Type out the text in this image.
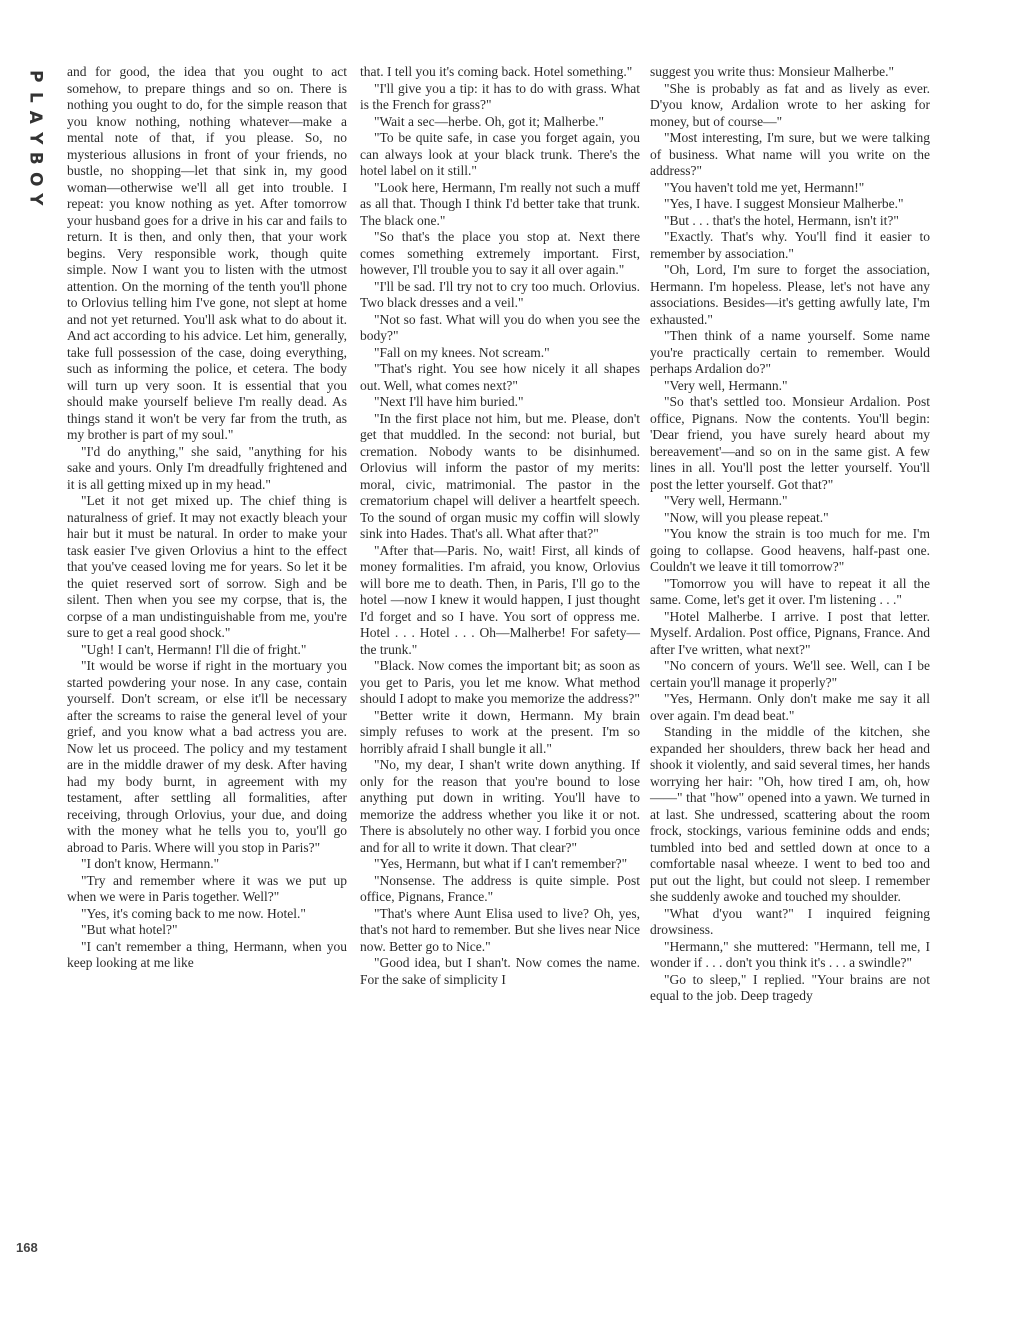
P
L
A
Y
B
O
Y
168

and for good, the idea that you ought to act somehow, to prepare things and so on. There is nothing you ought to do, for the simple reason that you know nothing, nothing whatever—make a mental note of that, if you please. So, no mysterious allusions in front of your friends, no bustle, no shopping—let that sink in, my good woman—otherwise we'll all get into trouble. I repeat: you know nothing as yet. After tomorrow your husband goes for a drive in his car and fails to return. It is then, and only then, that your work begins. Very responsible work, though quite simple. Now I want you to listen with the utmost attention. On the morning of the tenth you'll phone to Orlovius telling him I've gone, not slept at home and not yet returned. You'll ask what to do about it. And act according to his advice. Let him, generally, take full possession of the case, doing everything, such as informing the police, et cetera. The body will turn up very soon. It is essential that you should make yourself believe I'm really dead. As things stand it won't be very far from the truth, as my brother is part of my soul."

"I'd do anything," she said, "anything for his sake and yours. Only I'm dreadfully frightened and it is all getting mixed up in my head."

"Let it not get mixed up. The chief thing is naturalness of grief. It may not exactly bleach your hair but it must be natural. In order to make your task easier I've given Orlovius a hint to the effect that you've ceased loving me for years. So let it be the quiet reserved sort of sorrow. Sigh and be silent. Then when you see my corpse, that is, the corpse of a man undistinguishable from me, you're sure to get a real good shock."

"Ugh! I can't, Hermann! I'll die of fright."

"It would be worse if right in the mortuary you started powdering your nose. In any case, contain yourself. Don't scream, or else it'll be necessary after the screams to raise the general level of your grief, and you know what a bad actress you are. Now let us proceed. The policy and my testament are in the middle drawer of my desk. After having had my body burnt, in agreement with my testament, after settling all formalities, after receiving, through Orlovius, your due, and doing with the money what he tells you to, you'll go abroad to Paris. Where will you stop in Paris?"

"I don't know, Hermann."

"Try and remember where it was we put up when we were in Paris together. Well?"

"Yes, it's coming back to me now. Hotel."

"But what hotel?"

"I can't remember a thing, Hermann, when you keep looking at me like

that. I tell you it's coming back. Hotel something."

"I'll give you a tip: it has to do with grass. What is the French for grass?"

"Wait a sec—herbe. Oh, got it; Malherbe."

"To be quite safe, in case you forget again, you can always look at your black trunk. There's the hotel label on it still."

"Look here, Hermann, I'm really not such a muff as all that. Though I think I'd better take that trunk. The black one."

"So that's the place you stop at. Next there comes something extremely important. First, however, I'll trouble you to say it all over again."

"I'll be sad. I'll try not to cry too much. Orlovius. Two black dresses and a veil."

"Not so fast. What will you do when you see the body?"

"Fall on my knees. Not scream."

"That's right. You see how nicely it all shapes out. Well, what comes next?"

"Next I'll have him buried."

"In the first place not him, but me. Please, don't get that muddled. In the second: not burial, but cremation. Nobody wants to be disinhumed. Orlovius will inform the pastor of my merits: moral, civic, matrimonial. The pastor in the crematorium chapel will deliver a heartfelt speech. To the sound of organ music my coffin will slowly sink into Hades. That's all. What after that?"

"After that—Paris. No, wait! First, all kinds of money formalities. I'm afraid, you know, Orlovius will bore me to death. Then, in Paris, I'll go to the hotel —now I knew it would happen, I just thought I'd forget and so I have. You sort of oppress me. Hotel . . . Hotel . . . Oh—Malherbe! For safety—the trunk."

"Black. Now comes the important bit; as soon as you get to Paris, you let me know. What method should I adopt to make you memorize the address?"

"Better write it down, Hermann. My brain simply refuses to work at the present. I'm so horribly afraid I shall bungle it all."

"No, my dear, I shan't write down anything. If only for the reason that you're bound to lose anything put down in writing. You'll have to memorize the address whether you like it or not. There is absolutely no other way. I forbid you once and for all to write it down. That clear?"

"Yes, Hermann, but what if I can't remember?"

"Nonsense. The address is quite simple. Post office, Pignans, France."

"That's where Aunt Elisa used to live? Oh, yes, that's not hard to remember. But she lives near Nice now. Better go to Nice."

"Good idea, but I shan't. Now comes the name. For the sake of simplicity I

suggest you write thus: Monsieur Malherbe."

"She is probably as fat and as lively as ever. D'you know, Ardalion wrote to her asking for money, but of course—"

"Most interesting, I'm sure, but we were talking of business. What name will you write on the address?"

"You haven't told me yet, Hermann!"

"Yes, I have. I suggest Monsieur Malherbe."

"But . . . that's the hotel, Hermann, isn't it?"

"Exactly. That's why. You'll find it easier to remember by association."

"Oh, Lord, I'm sure to forget the association, Hermann. I'm hopeless. Please, let's not have any associations. Besides—it's getting awfully late, I'm exhausted."

"Then think of a name yourself. Some name you're practically certain to remember. Would perhaps Ardalion do?"

"Very well, Hermann."

"So that's settled too. Monsieur Ardalion. Post office, Pignans. Now the contents. You'll begin: 'Dear friend, you have surely heard about my bereavement'—and so on in the same gist. A few lines in all. You'll post the letter yourself. You'll post the letter yourself. Got that?"

"Very well, Hermann."

"Now, will you please repeat."

"You know the strain is too much for me. I'm going to collapse. Good heavens, half-past one. Couldn't we leave it till tomorrow?"

"Tomorrow you will have to repeat it all the same. Come, let's get it over. I'm listening . . ."

"Hotel Malherbe. I arrive. I post that letter. Myself. Ardalion. Post office, Pignans, France. And after I've written, what next?"

"No concern of yours. We'll see. Well, can I be certain you'll manage it properly?"

"Yes, Hermann. Only don't make me say it all over again. I'm dead beat."

Standing in the middle of the kitchen, she expanded her shoulders, threw back her head and shook it violently, and said several times, her hands worrying her hair: "Oh, how tired I am, oh, how——" that "how" opened into a yawn. We turned in at last. She undressed, scattering about the room frock, stockings, various feminine odds and ends; tumbled into bed and settled down at once to a comfortable nasal wheeze. I went to bed too and put out the light, but could not sleep. I remember she suddenly awoke and touched my shoulder.

"What d'you want?" I inquired feigning drowsiness.

"Hermann," she muttered: "Hermann, tell me, I wonder if . . . don't you think it's . . . a swindle?"

"Go to sleep," I replied. "Your brains are not equal to the job. Deep tragedy
